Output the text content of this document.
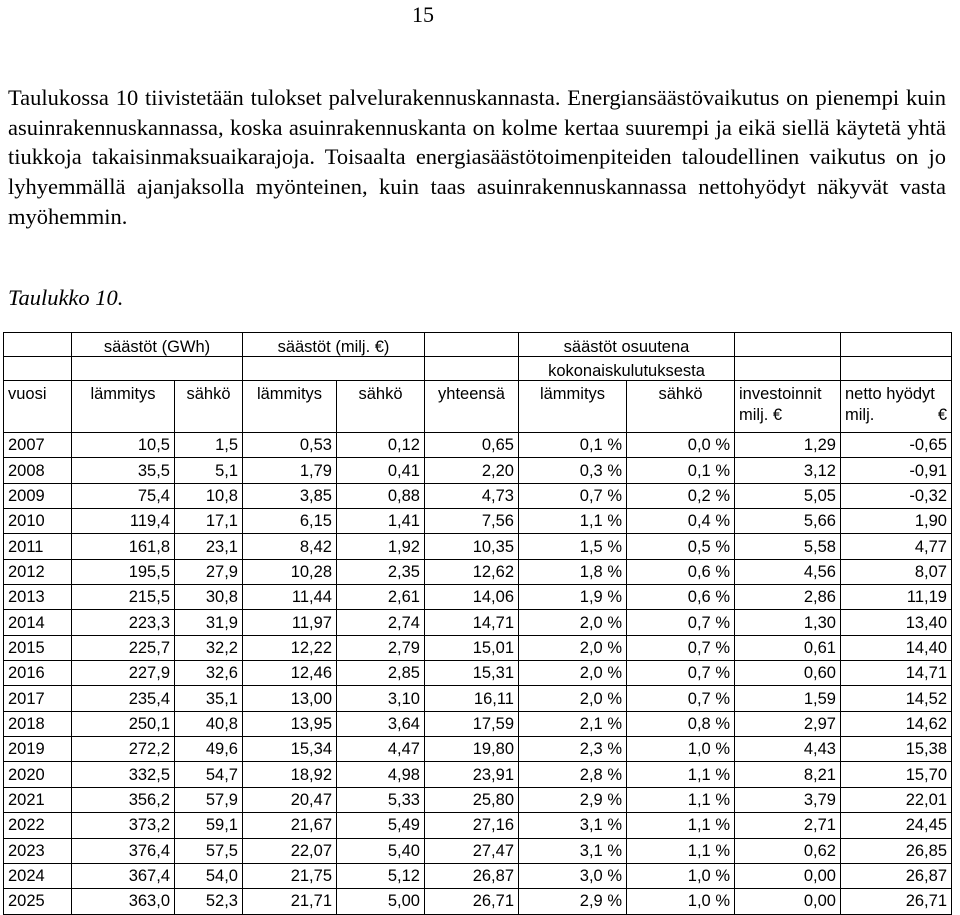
15

Taulukossa 10 tiivistetään tulokset palvelurakennuskannasta. Energiansäästövaikutus on pienempi kuin asuinrakennuskannassa, koska asuinrakennuskanta on kolme kertaa suurempi ja eikä siellä käytetä yhtä tiukkoja takaisinmaksuaikarajoja. Toisaalta energiasäästötoimenpiteiden taloudellinen vaikutus on jo lyhyemmällä ajanjaksolla myönteinen, kuin taas asuinrakennuskannassa nettohyödyt näkyvät vasta myöhemmin.

Taulukko 10.
	säästöt (GWh)		säästöt (milj. €)			säästöt osuutena			
						kokonaiskulutuksesta			
vuosi	lämmitys	sähkö	lämmitys	sähkö	yhteensä	lämmitys	sähkö	investoinnit milj. €	netto hyödyt milj. €
2007	10,5	1,5	0,53	0,12	0,65	0,1 %	0,0 %	1,29	-0,65
2008	35,5	5,1	1,79	0,41	2,20	0,3 %	0,1 %	3,12	-0,91
2009	75,4	10,8	3,85	0,88	4,73	0,7 %	0,2 %	5,05	-0,32
2010	119,4	17,1	6,15	1,41	7,56	1,1 %	0,4 %	5,66	1,90
2011	161,8	23,1	8,42	1,92	10,35	1,5 %	0,5 %	5,58	4,77
2012	195,5	27,9	10,28	2,35	12,62	1,8 %	0,6 %	4,56	8,07
2013	215,5	30,8	11,44	2,61	14,06	1,9 %	0,6 %	2,86	11,19
2014	223,3	31,9	11,97	2,74	14,71	2,0 %	0,7 %	1,30	13,40
2015	225,7	32,2	12,22	2,79	15,01	2,0 %	0,7 %	0,61	14,40
2016	227,9	32,6	12,46	2,85	15,31	2,0 %	0,7 %	0,60	14,71
2017	235,4	35,1	13,00	3,10	16,11	2,0 %	0,7 %	1,59	14,52
2018	250,1	40,8	13,95	3,64	17,59	2,1 %	0,8 %	2,97	14,62
2019	272,2	49,6	15,34	4,47	19,80	2,3 %	1,0 %	4,43	15,38
2020	332,5	54,7	18,92	4,98	23,91	2,8 %	1,1 %	8,21	15,70
2021	356,2	57,9	20,47	5,33	25,80	2,9 %	1,1 %	3,79	22,01
2022	373,2	59,1	21,67	5,49	27,16	3,1 %	1,1 %	2,71	24,45
2023	376,4	57,5	22,07	5,40	27,47	3,1 %	1,1 %	0,62	26,85
2024	367,4	54,0	21,75	5,12	26,87	3,0 %	1,0 %	0,00	26,87
2025	363,0	52,3	21,71	5,00	26,71	2,9 %	1,0 %	0,00	26,71
